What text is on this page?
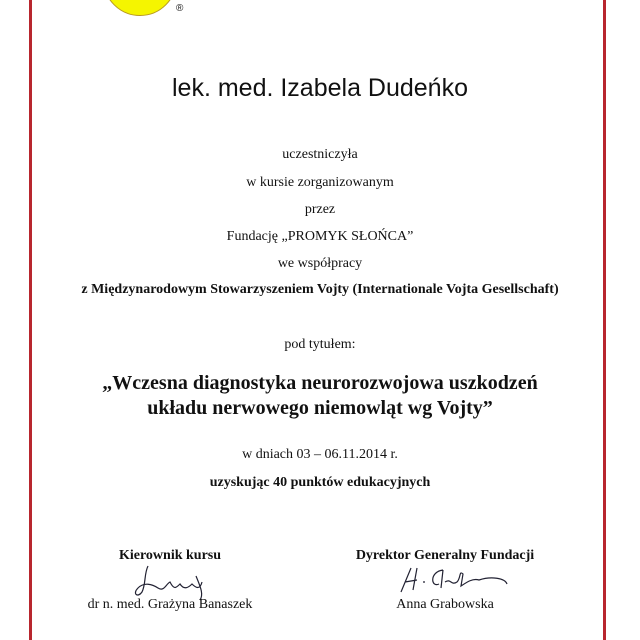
®
lek. med. Izabela Dudeńko
uczestniczyła
w kursie zorganizowanym
przez
Fundację „PROMYK SŁOŃCA”
we współpracy
z Międzynarodowym Stowarzyszeniem Vojty (Internationale Vojta Gesellschaft)
pod tytułem:
„Wczesna diagnostyka neurorozwojowa uszkodzeń
układu nerwowego niemowląt wg Vojty”
w dniach 03 – 06.11.2014 r.
uzyskując 40 punktów edukacyjnych
Kierownik kursu
dr n. med. Grażyna Banaszek
Dyrektor Generalny Fundacji
Anna Grabowska
